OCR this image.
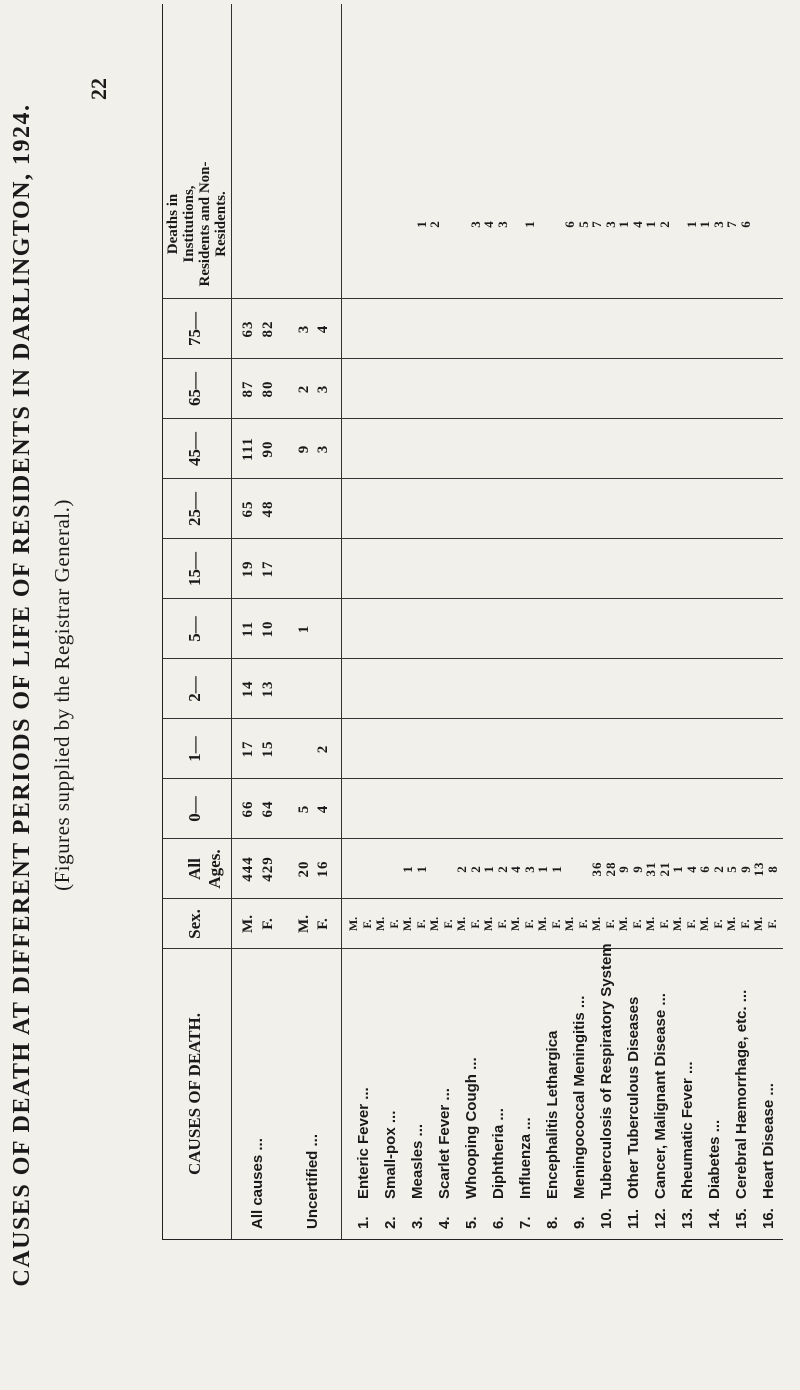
CAUSES OF DEATH AT DIFFERENT PERIODS OF LIFE OF RESIDENTS IN DARLINGTON, 1924. (Figures supplied by the Registrar General.)
22
CAUSES OF DEATH.
Sex.
All Ages.
0—
1—
2—
5—
15—
25—
45—
65—
75—
Deaths in Institutions, Residents and Non-Residents.
All causes ...
M. F.
444 429
66 64
17 15
14 13
11 10
19 17
65 48
111 90
87 80
63 82
Uncertified ...
M. F.
20 16
5 4
2
1
9 3
2 3
3 4
1.Enteric Fever ...
M. F.
2.Small-pox ...
M. F.
3.Measles ...
M. F.
1 1
4.Scarlet Fever ...
M. F.
5.Whooping Cough ...
M. F.
2 2
6.Diphtheria ...
M. F.
1 2
7.Influenza ...
M. F.
4 3
8.Encephalitis Lethargica
M. F.
1 1
9.Meningococcal Meningitis ...
M. F.
10.Tuberculosis of Respiratory System
M. F.
36 28
11.Other Tuberculous Diseases
M. F.
9 9
12.Cancer, Malignant Disease ...
M. F.
31 21
13.Rheumatic Fever ...
M. F.
1 4
14.Diabetes ...
M. F.
6 2
15.Cerebral Hæmorrhage, etc. ...
M. F.
5 9
16.Heart Disease ...
M. F.
13 8
1
2 3
4 3 1 6 5
7 3
1 4
1 2 1
1 3
7 6
